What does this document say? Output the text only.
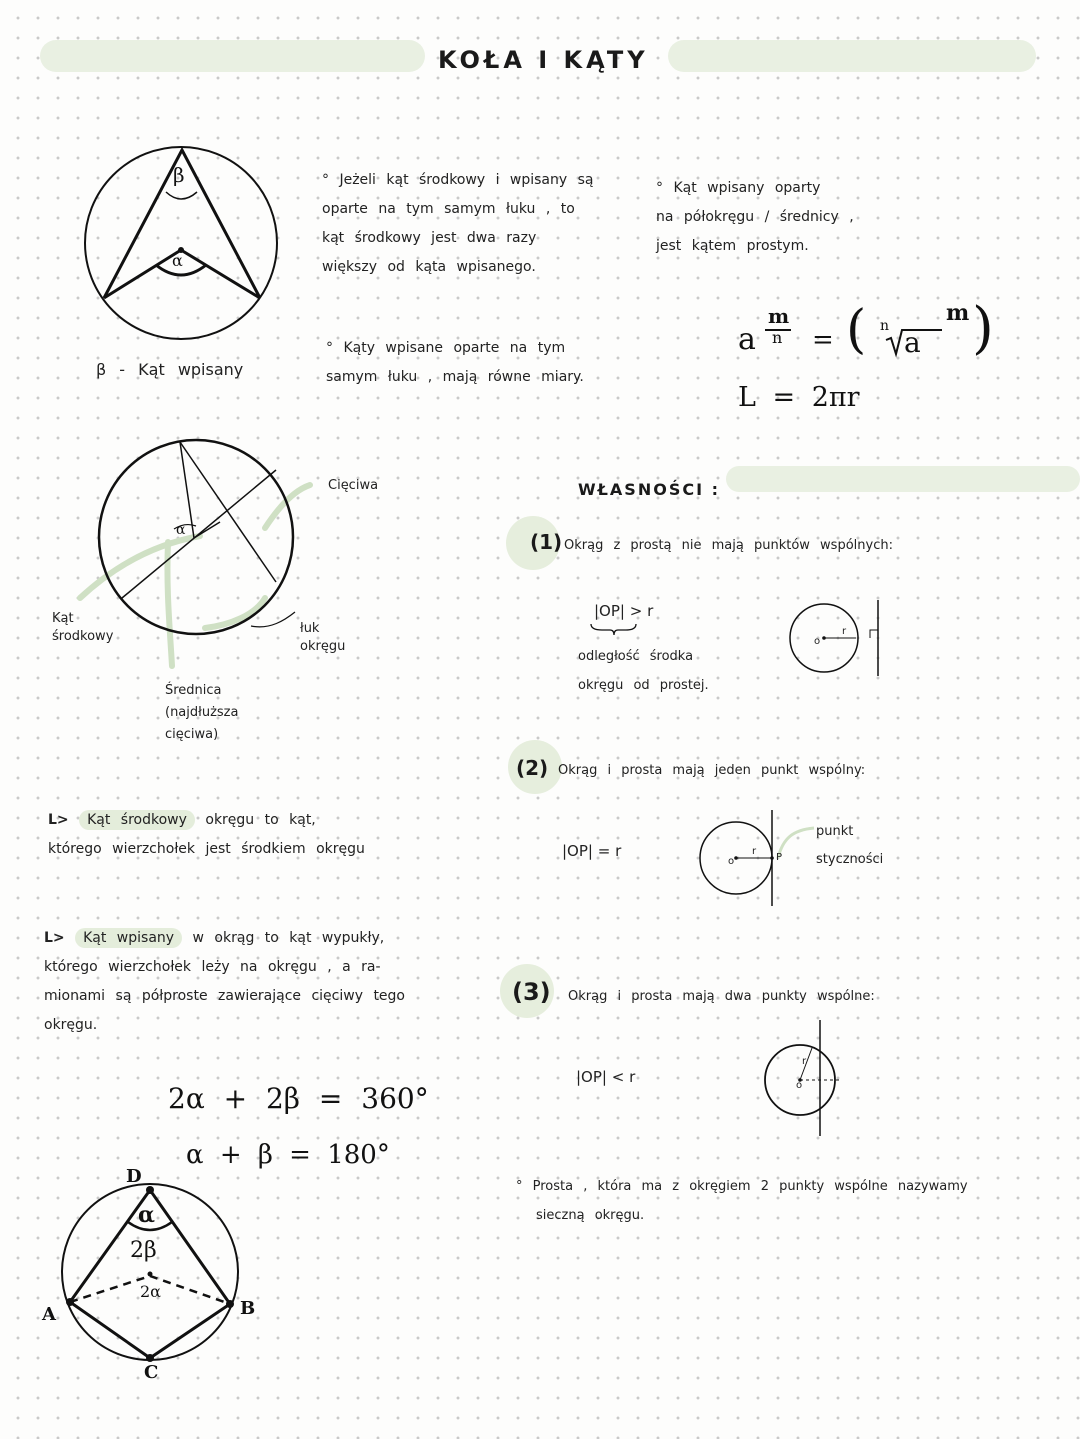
KOŁA I KĄTY
β
α
β - Kąt wpisany
° Jeżeli kąt środkowy i wpisany są
oparte na tym samym łuku , to
kąt środkowy jest dwa razy
większy od kąta wpisanego.
° Kąt wpisany oparty
na półokręgu / średnicy ,
jest kątem prostym.
° Kąty wpisane oparte na tym
samym łuku , mają równe miary.
a
m
n = ( n a
m )
L = 2πr
α
Cięciwa
Kąt
środkowy
łuk
okręgu
Średnica
(najdłuższa
cięciwa)
L> Kąt środkowy okręgu to kąt,
którego wierzchołek jest środkiem okręgu
L> Kąt wpisany w okrąg to kąt wypukły,
którego wierzchołek leży na okręgu , a ra-
mionami są półproste zawierające cięciwy tego
okręgu.
2α + 2β = 360°
α + β = 180°
D
A	B
C
α
2β
2α
WŁASNOŚCI :
(1) Okrąg z prostą nie mają punktów wspólnych:
|OP| > r
odległość środka
okręgu od prostej.
o
r
(2) Okrąg i prosta mają jeden punkt wspólny:
|OP| = r
o
r
P
punkt
styczności
(3) Okrąg i prosta mają dwa punkty wspólne:
|OP| < r	o
r
° Prosta , która ma z okręgiem 2 punkty wspólne nazywamy
sieczną okręgu.
